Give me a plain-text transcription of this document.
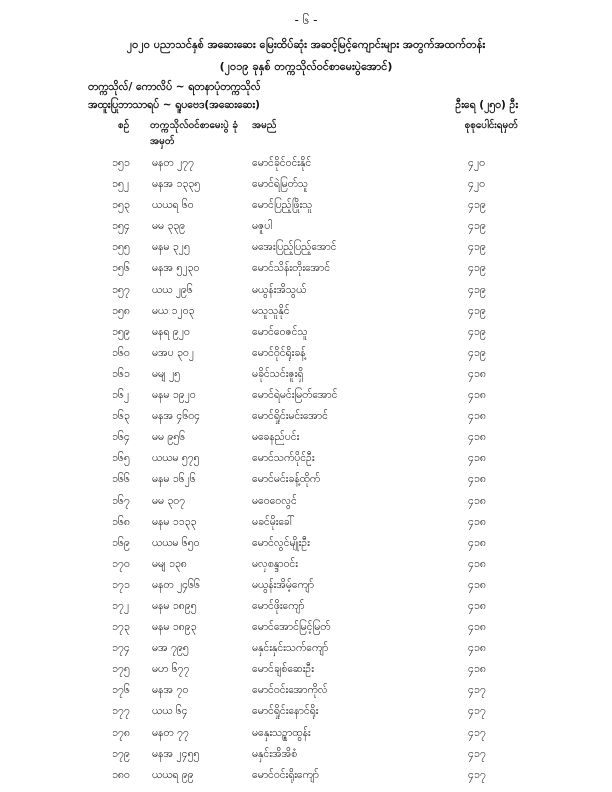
- ၆ -
၂၀၂၀ ပညာသင်နှစ် အဆေးဆေး မြေးထိပ်ဆုံး အဆင့်မြင့်ကျောင်းများ အတွက်အထက်တန်း
(၂၀၁၉ ခုနှစ် တက္ကသိုလ်ဝင်စာမေးပွဲအောင်)
တက္ကသိုလ်/ ကောလိပ် ~ ရတနာပုံတက္ကသိုလ်
အထူးပြုဘာသာရပ် ~ ရူပဗေဒ(အဆေးဆေး)	ဦးရေ (၂၅၀) ဦး
စဉ် တက္ကသိုလ်ဝင်စာမေးပွဲ ခုံအမှတ်
အမည်	စုစုပေါင်းရမှတ်
၁၅၁ မနတ ၂၇၇	မောင်ခိုင်ဝင်းနိုင်	၄၂၀
၁၅၂ မနအ ၁၃၃၅	မောင်ရဲမြတ်သူ	၄၂၀
၁၅၃ ယယရ ၆၀	မောင်ပြည့်ဖြိုးသူ	၄၁၉
၁၅၄ မမ ၃၃၉	မဇူပါ	၄၁၉
၁၅၅ မနမ ၃၂၅	မအေးပြည့်ပြည့်အောင်	၄၁၉
၁၅၆ မနအ ၅၂၃၀	မောင်သိန်းတိုးအောင်	၄၁၉
၁၅၇ ယယ ၂၉၆	မယွန်းအိသွယ်	၄၁၉
၁၅၈ မယ ၁၂၀၃	မသူသူနိုင်	၄၁၉
၁၅၉ မနရ ၉၂၀	မောင်ဝေဇင်သူ	၄၁၉
၁၆၀ မအပ ၃၀၂	မောင်ဝိုင်ရိုးခန့်	၄၁၉
၁၆၁ မမျ ၂၅	မခိုင်သင်းဇူးရှိ	၄၁၈
၁၆၂ မနမ ၁၉၂၀	မောင်ရဲမင်းမြတ်အောင်	၄၁၈
၁၆၃ မနအ ၄၆၀၄	မောင်ရှိုင်းမင်းအောင်	၄၁၈
၁၆၄ မမ ၉၅၆	မခေနည်ပင်း	၄၁၈
၁၆၅ ယယမ ၅၇၅	မောင်သက်ပိုင်ဦး	၄၁၈
၁၆၆ မနမ ၁၆၂၆	မောင်မင်းခန့်ထိုက်	၄၁၈
၁၆၇ မမ ၃၀၇	မဝေဝေလွင်	၄၁၈
၁၆၈ မနမ ၁၁၃၃	မခင်မိုးခေါ်	၄၁၈
၁၆၉ ယယမ ၆၅၀	မောင်လွင်မျိုးဦး	၄၁၈
၁၇၀ မမျ ၁၃၈	မလှစန္ဒာဝင်း	၄၁၈
၁၇၁ မနတ ၂၄၆၆	မယွန်းအိမ့်ကျော်	၄၁၈
၁၇၂ မနမ ၁၈၉၅	မောင်ဖိုးကျော်	၄၁၈
၁၇၃ မနမ ၁၈၉၃	မောင်အောင်မြင့်မြတ်	၄၁၈
၁၇၄ မအ ၇၉၅	မနှင်းနှင်းသက်ကျော်	၄၁၈
၁၇၅ မဟ ၆၇၇	မောင်ချစ်ဆေးဦး	၄၁၈
၁၇၆ မနအ ၇၀	မောင်ဝင်းအောကိုလ်	၄၁၇
၁၇၇ ယယ ၆၄	မောင်ရှိုင်းနောင်ရိုး	၄၁၇
၁၇၈ မနတ ၇၇	မနှေးသဉ္စာထွန်း	၄၁၇
၁၇၉ မနအ ၂၄၅၅	မနှင်းအိအိစံ	၄၁၇
၁၈၀ ယယရ ၉၉	မောင်ဝင်းရိုးကျော်	၄၁၇
